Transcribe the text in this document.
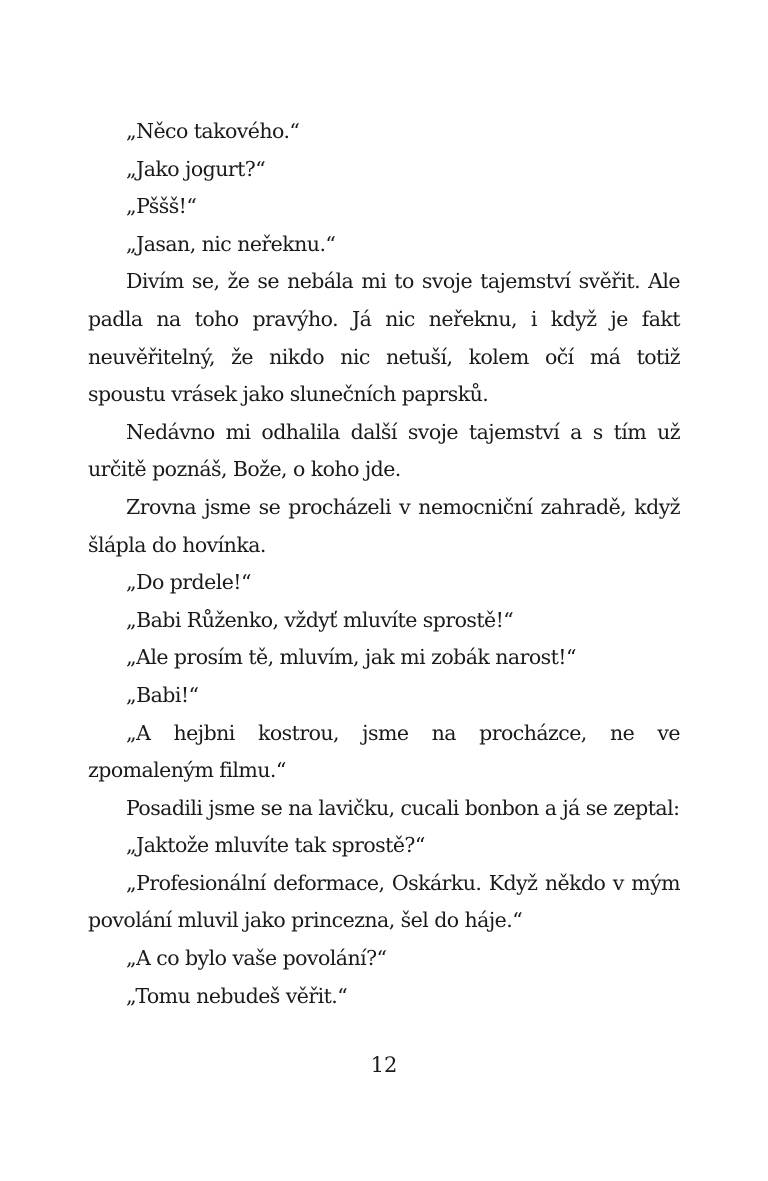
„Něco takového.“

„Jako jogurt?“

„Pššš!“

„Jasan, nic neřeknu.“

Divím se, že se nebála mi to svoje tajemství svěřit. Ale padla na toho pravýho. Já nic neřeknu, i když je fakt neuvěřitelný, že nikdo nic netuší, kolem očí má totiž spoustu vrásek jako slunečních paprsků.

Nedávno mi odhalila další svoje tajemství a s tím už určitě poznáš, Bože, o koho jde.

Zrovna jsme se procházeli v nemocniční zahradě, když šlápla do hovínka.

„Do prdele!“

„Babi Růženko, vždyť mluvíte sprostě!“

„Ale prosím tě, mluvím, jak mi zobák narost!“

„Babi!“

„A hejbni kostrou, jsme na procházce, ne ve zpomaleným filmu.“

Posadili jsme se na lavičku, cucali bonbon a já se zeptal:

„Jaktože mluvíte tak sprostě?“

„Profesionální deformace, Oskárku. Když někdo v mým povolání mluvil jako princezna, šel do háje.“

„A co bylo vaše povolání?“

„Tomu nebudeš věřit.“

12
